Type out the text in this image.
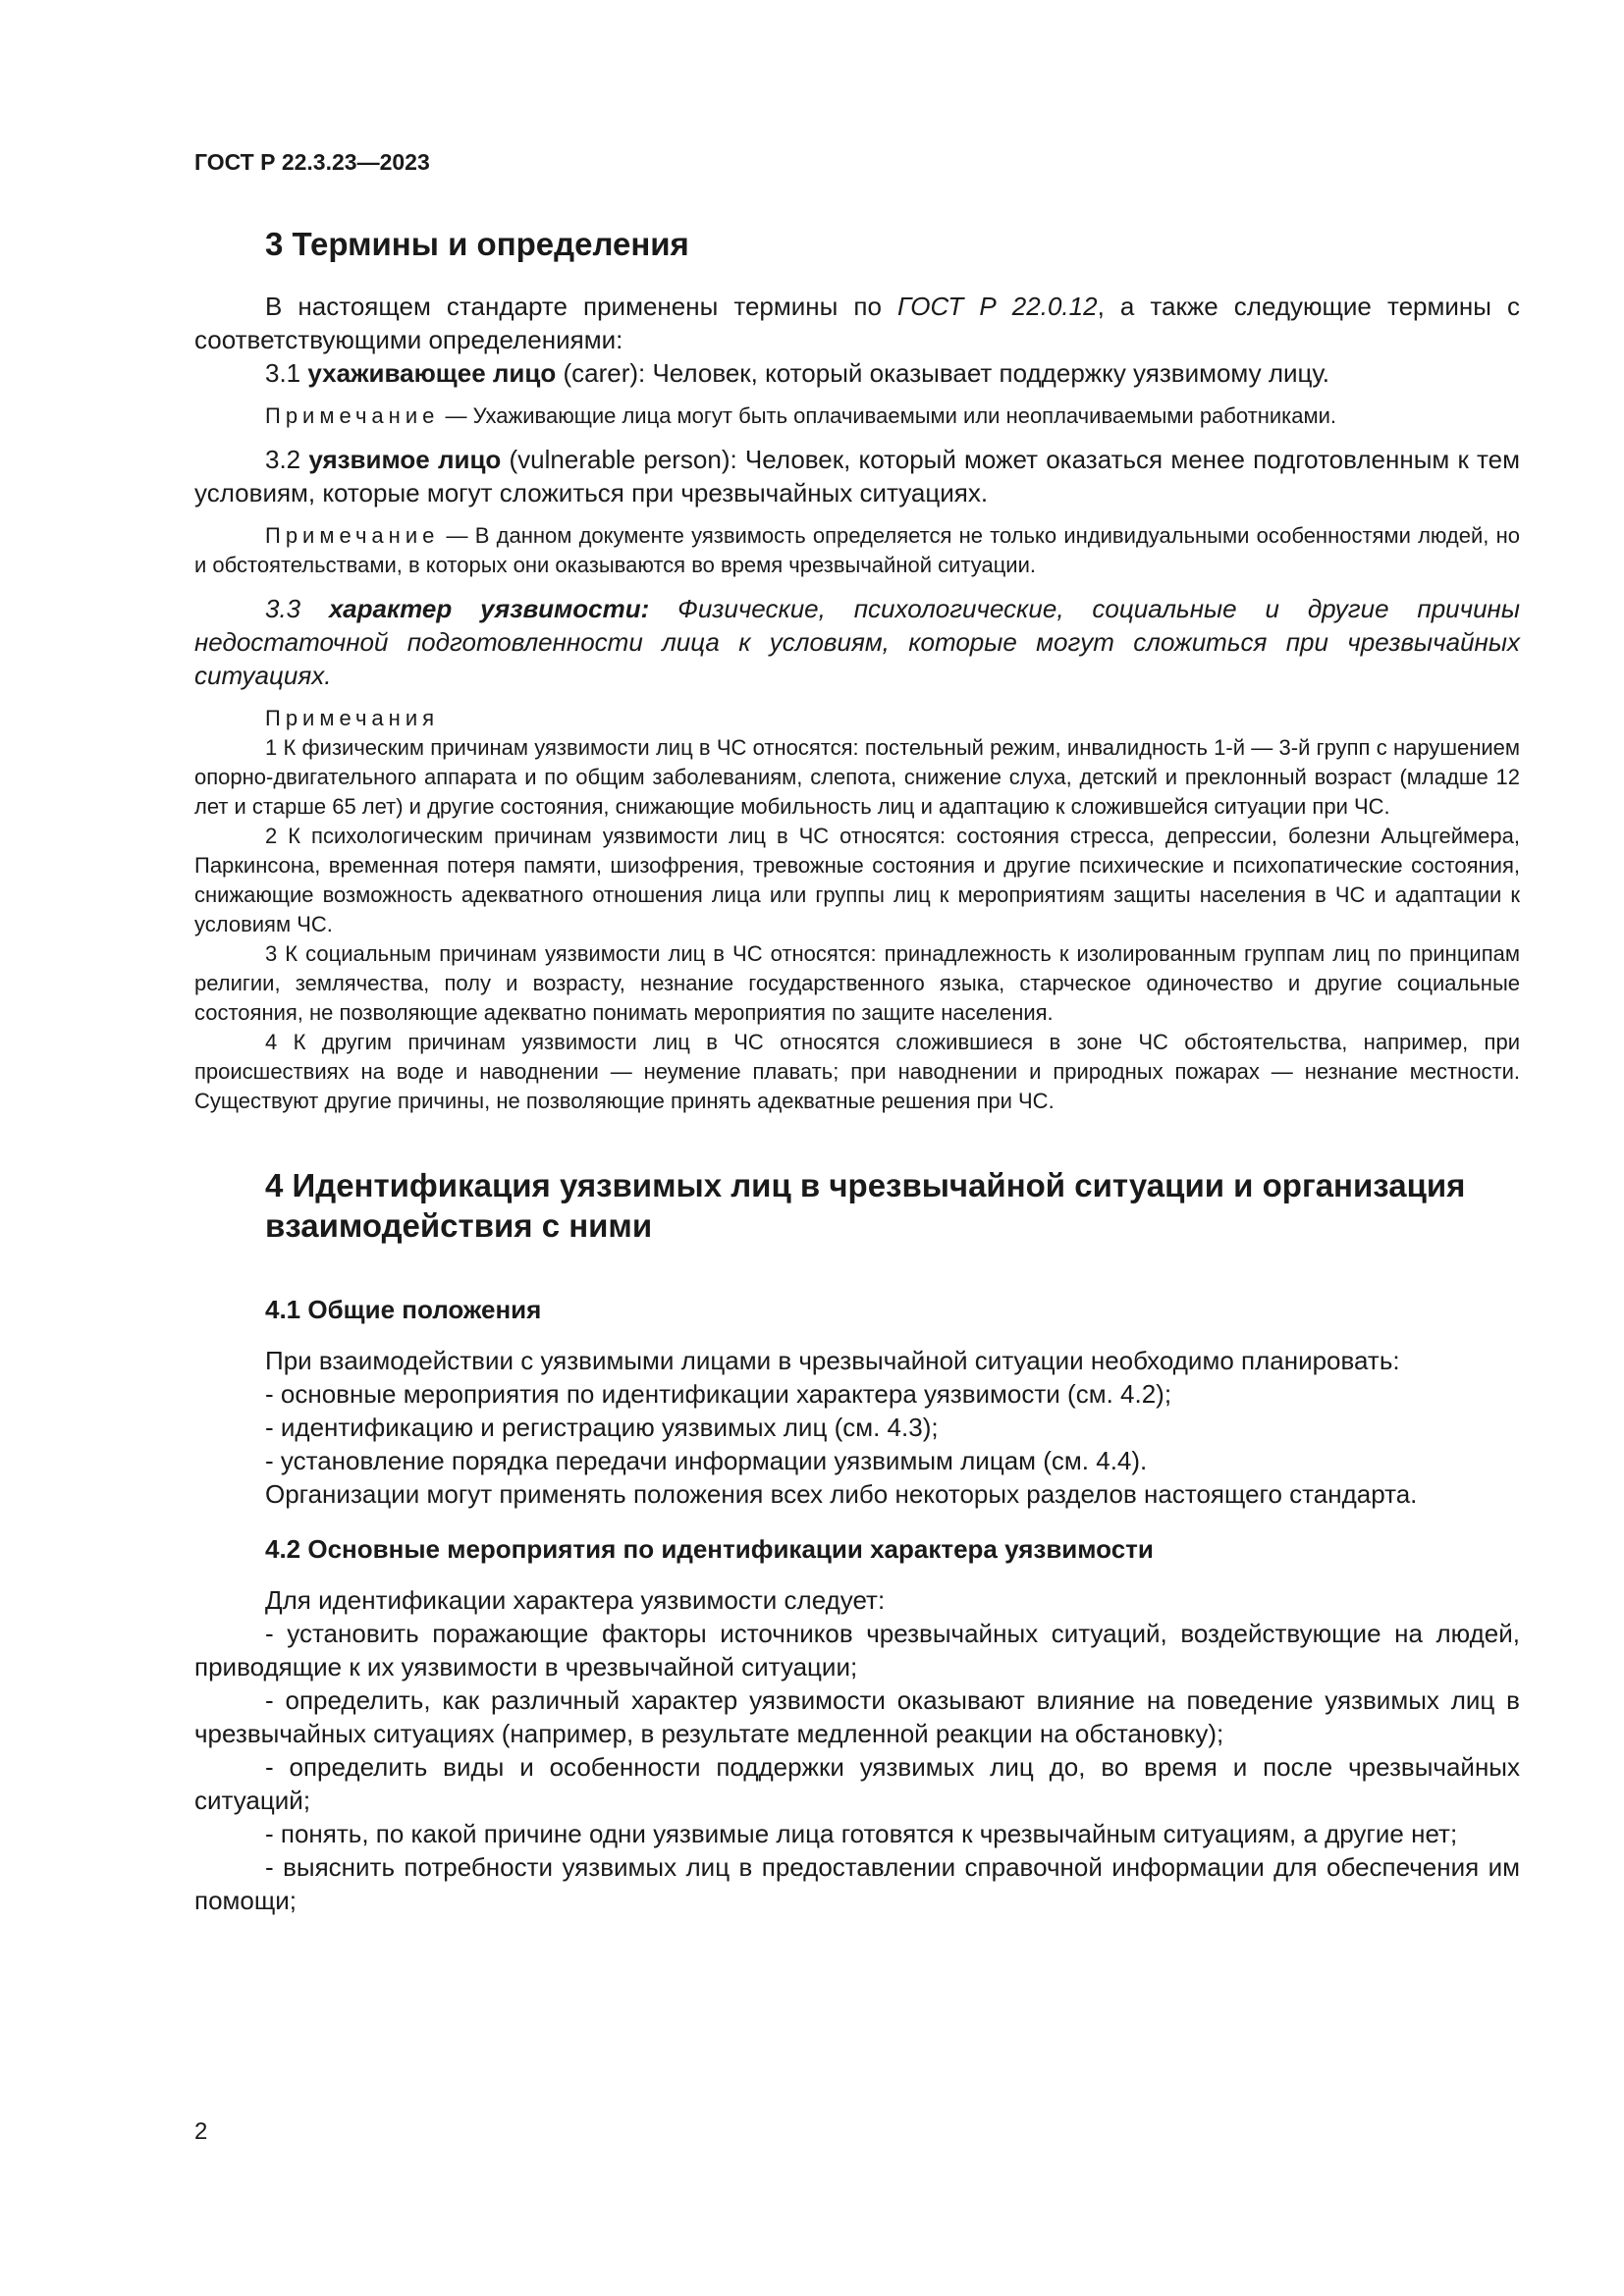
ГОСТ Р 22.3.23—2023

3 Термины и определения

В настоящем стандарте применены термины по ГОСТ Р 22.0.12, а также следующие термины с соответствующими определениями:

3.1 ухаживающее лицо (carer): Человек, который оказывает поддержку уязвимому лицу.

Примечание — Ухаживающие лица могут быть оплачиваемыми или неоплачиваемыми работниками.

3.2 уязвимое лицо (vulnerable person): Человек, который может оказаться менее подготовленным к тем условиям, которые могут сложиться при чрезвычайных ситуациях.

Примечание — В данном документе уязвимость определяется не только индивидуальными особенностями людей, но и обстоятельствами, в которых они оказываются во время чрезвычайной ситуации.

3.3 характер уязвимости: Физические, психологические, социальные и другие причины недостаточной подготовленности лица к условиям, которые могут сложиться при чрезвычайных ситуациях.

Примечания

1 К физическим причинам уязвимости лиц в ЧС относятся: постельный режим, инвалидность 1-й — 3-й групп с нарушением опорно-двигательного аппарата и по общим заболеваниям, слепота, снижение слуха, детский и преклонный возраст (младше 12 лет и старше 65 лет) и другие состояния, снижающие мобильность лиц и адаптацию к сложившейся ситуации при ЧС.

2 К психологическим причинам уязвимости лиц в ЧС относятся: состояния стресса, депрессии, болезни Альцгеймера, Паркинсона, временная потеря памяти, шизофрения, тревожные состояния и другие психические и психопатические состояния, снижающие возможность адекватного отношения лица или группы лиц к мероприятиям защиты населения в ЧС и адаптации к условиям ЧС.

3 К социальным причинам уязвимости лиц в ЧС относятся: принадлежность к изолированным группам лиц по принципам религии, землячества, полу и возрасту, незнание государственного языка, старческое одиночество и другие социальные состояния, не позволяющие адекватно понимать мероприятия по защите населения.

4 К другим причинам уязвимости лиц в ЧС относятся сложившиеся в зоне ЧС обстоятельства, например, при происшествиях на воде и наводнении — неумение плавать; при наводнении и природных пожарах — незнание местности. Существуют другие причины, не позволяющие принять адекватные решения при ЧС.

4 Идентификация уязвимых лиц в чрезвычайной ситуации и организация взаимодействия с ними
4.1 Общие положения

При взаимодействии с уязвимыми лицами в чрезвычайной ситуации необходимо планировать:

- основные мероприятия по идентификации характера уязвимости (см. 4.2);

- идентификацию и регистрацию уязвимых лиц (см. 4.3);

- установление порядка передачи информации уязвимым лицам (см. 4.4).

Организации могут применять положения всех либо некоторых разделов настоящего стандарта.

4.2 Основные мероприятия по идентификации характера уязвимости

Для идентификации характера уязвимости следует:

- установить поражающие факторы источников чрезвычайных ситуаций, воздействующие на людей, приводящие к их уязвимости в чрезвычайной ситуации;

- определить, как различный характер уязвимости оказывают влияние на поведение уязвимых лиц в чрезвычайных ситуациях (например, в результате медленной реакции на обстановку);

- определить виды и особенности поддержки уязвимых лиц до, во время и после чрезвычайных ситуаций;

- понять, по какой причине одни уязвимые лица готовятся к чрезвычайным ситуациям, а другие нет;

- выяснить потребности уязвимых лиц в предоставлении справочной информации для обеспечения им помощи;

2
